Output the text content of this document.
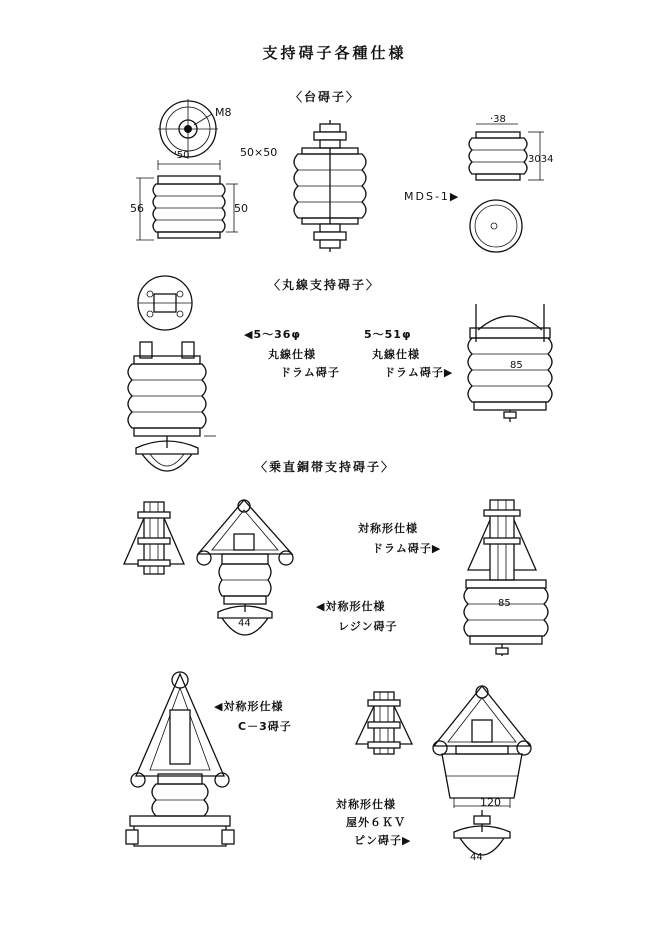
支持碍子各種仕様
〈台碍子〉
〈丸線支持碍子〉
〈乗直銅帯支持碍子〉
M8
'50
56	50
50×50
·38
3034
MDS-1▶
◀5～36φ
丸線仕様
ドラム碍子
5～51φ
丸線仕様
ドラム碍子▶
85
44
対称形仕様
ドラム碍子▶
◀対称形仕様
レジン碍子
85
◀対称形仕様
C－3碍子
120
44
対称形仕様
屋外６ＫＶ
ピン碍子▶
